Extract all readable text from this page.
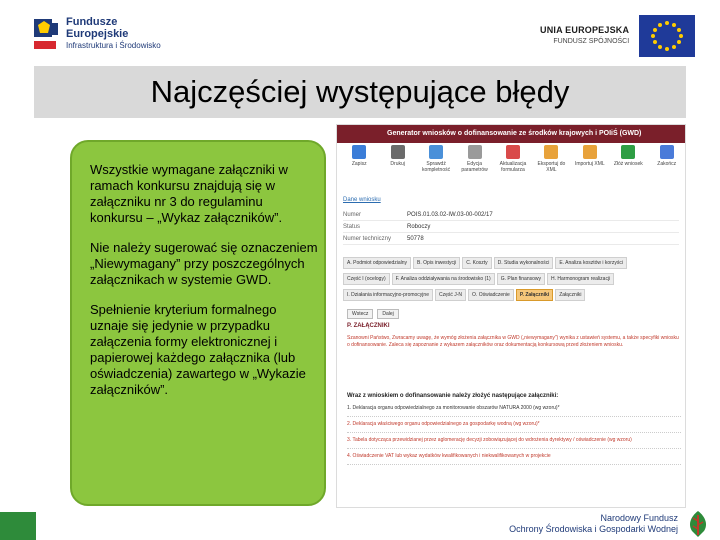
Fundusze
Europejskie
Infrastruktura i Środowisko
UNIA EUROPEJSKA
FUNDUSZ SPÓJNOŚCI
Najczęściej występujące błędy

Wszystkie wymagane załączniki w ramach konkursu znajdują się w załączniku nr 3 do regulaminu konkursu – „Wykaz załączników”.

Nie należy sugerować się oznaczeniem „Niewymagany” przy poszczególnych załącznikach w systemie GWD.

Spełnienie kryterium formalnego uznaje się jedynie w przypadku załączenia formy elektronicznej i papierowej każdego załącznika (lub oświadczenia) zawartego w „Wykazie załączników”.

Generator wniosków o dofinansowanie ze środków krajowych i POIiŚ (GWD)
Zapisz	Drukuj	Sprawdź kompletność
Edycja parametrów
Aktualizacja formularza
Eksportuj do XML
Importuj XML Złóż wniosek	Zakończ
Dane wniosku
Numer	POIS.01.03.02-IW.03-00-002/17
Status	Roboczy
Numer techniczny	50778
A. Podmiot odpowiedzialny	B. Opis inwestycji	C. Koszty	D. Studia wykonalności	E. Analiza kosztów i korzyści
Część I (ocelogy)	F. Analiza oddziaływania na środowisko (1)	G. Plan finansowy	H. Harmonogram realizacji
I. Działania informacyjno-promocyjne	Część J-N	O. Oświadczenie	P. Załączniki	Załączniki
Wstecz	Dalej
P. ZAŁĄCZNIKI
Szanowni Państwo, Zwracamy uwagę, że wymóg złożenia załącznika w GWD („niewymagany”) wynika z ustawień systemu, a także specyfiki wniosku o dofinansowanie. Zaleca się zapoznanie z wykazem załączników oraz dokumentacją konkursową przed złożeniem wniosku.
Wraz z wnioskiem o dofinansowanie należy złożyć następujące załączniki:
1. Deklaracja organu odpowiedzialnego za monitorowanie obszarów NATURA 2000 (wg wzoru)*
2. Deklaracja właściwego organu odpowiedzialnego za gospodarkę wodną (wg wzoru)*
3. Tabela dotycząca przewidzianej przez aglomerację decyzji zobowiązującej do wdrożenia dyrektywy / oświadczenie (wg wzoru)
4. Oświadczenie VAT lub wykaz wydatków kwalifikowanych i niekwalifikowanych w projekcie
Narodowy Fundusz
Ochrony Środowiska i Gospodarki Wodnej
